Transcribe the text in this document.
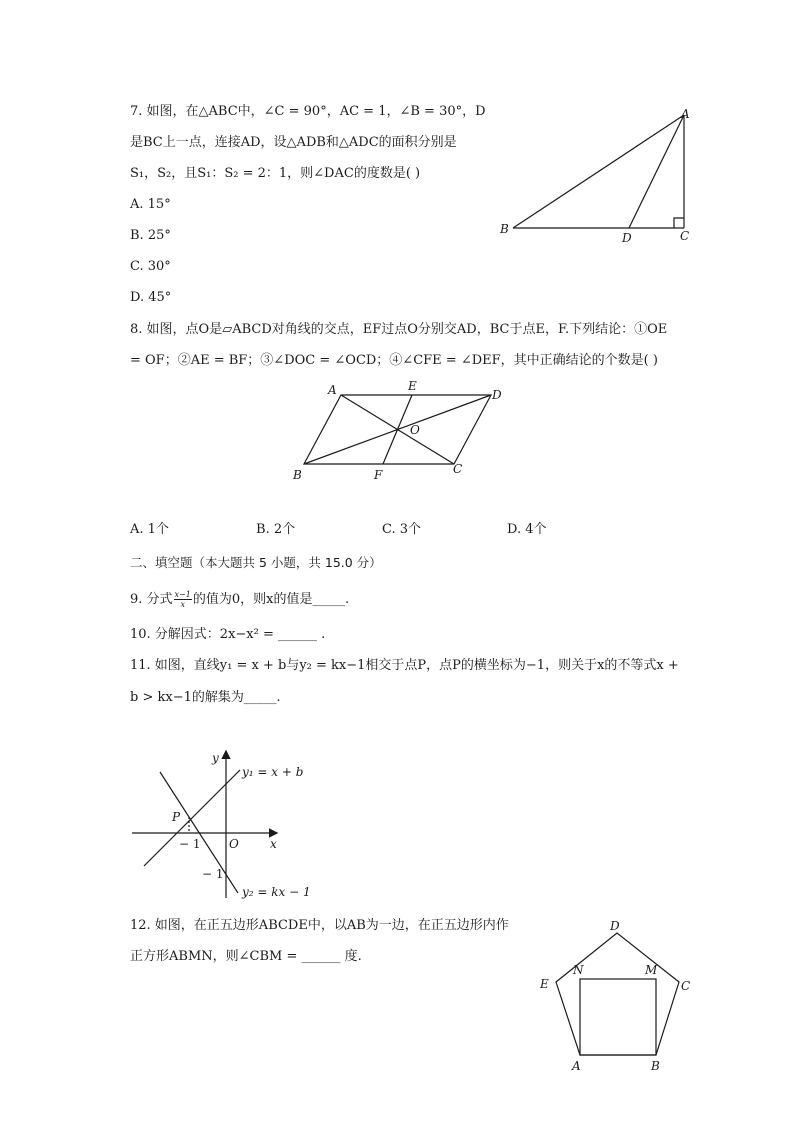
7. 如图，在△ABC中，∠C = 90°，AC = 1，∠B = 30°，D
是BC上一点，连接AD，设△ADB和△ADC的面积分别是
S₁，S₂，且S₁：S₂ = 2：1，则∠DAC的度数是( )
A. 15°
B. 25°
C. 30°
D. 45°
A
B	C
D
8. 如图，点O是▱ABCD对角线的交点，EF过点O分别交AD，BC于点E，F.下列结论：①OE
= OF；②AE = BF；③∠DOC = ∠OCD；④∠CFE = ∠DEF，其中正确结论的个数是( )
A	E
D
O
B	F	C
A. 1个	B. 2个	C. 3个	D. 4个
二、填空题（本大题共 5 小题，共 15.0 分）
9. 分式 $\frac{x-1}{x}$ 的值为0，则x的值是_____.
10. 分解因式：2x−x² = ______ .
11. 如图，直线y₁ = x + b与y₂ = kx−1相交于点P，点P的横坐标为−1，则关于x的不等式x +
b > kx−1的解集为_____.
y
x
O
P
− 1
− 1
y₁ = x + b
y₂ = kx − 1
12. 如图，在正五边形ABCDE中，以AB为一边，在正五边形内作
正方形ABMN，则∠CBM = ______ 度.
D
E	C
N	M
A	B
